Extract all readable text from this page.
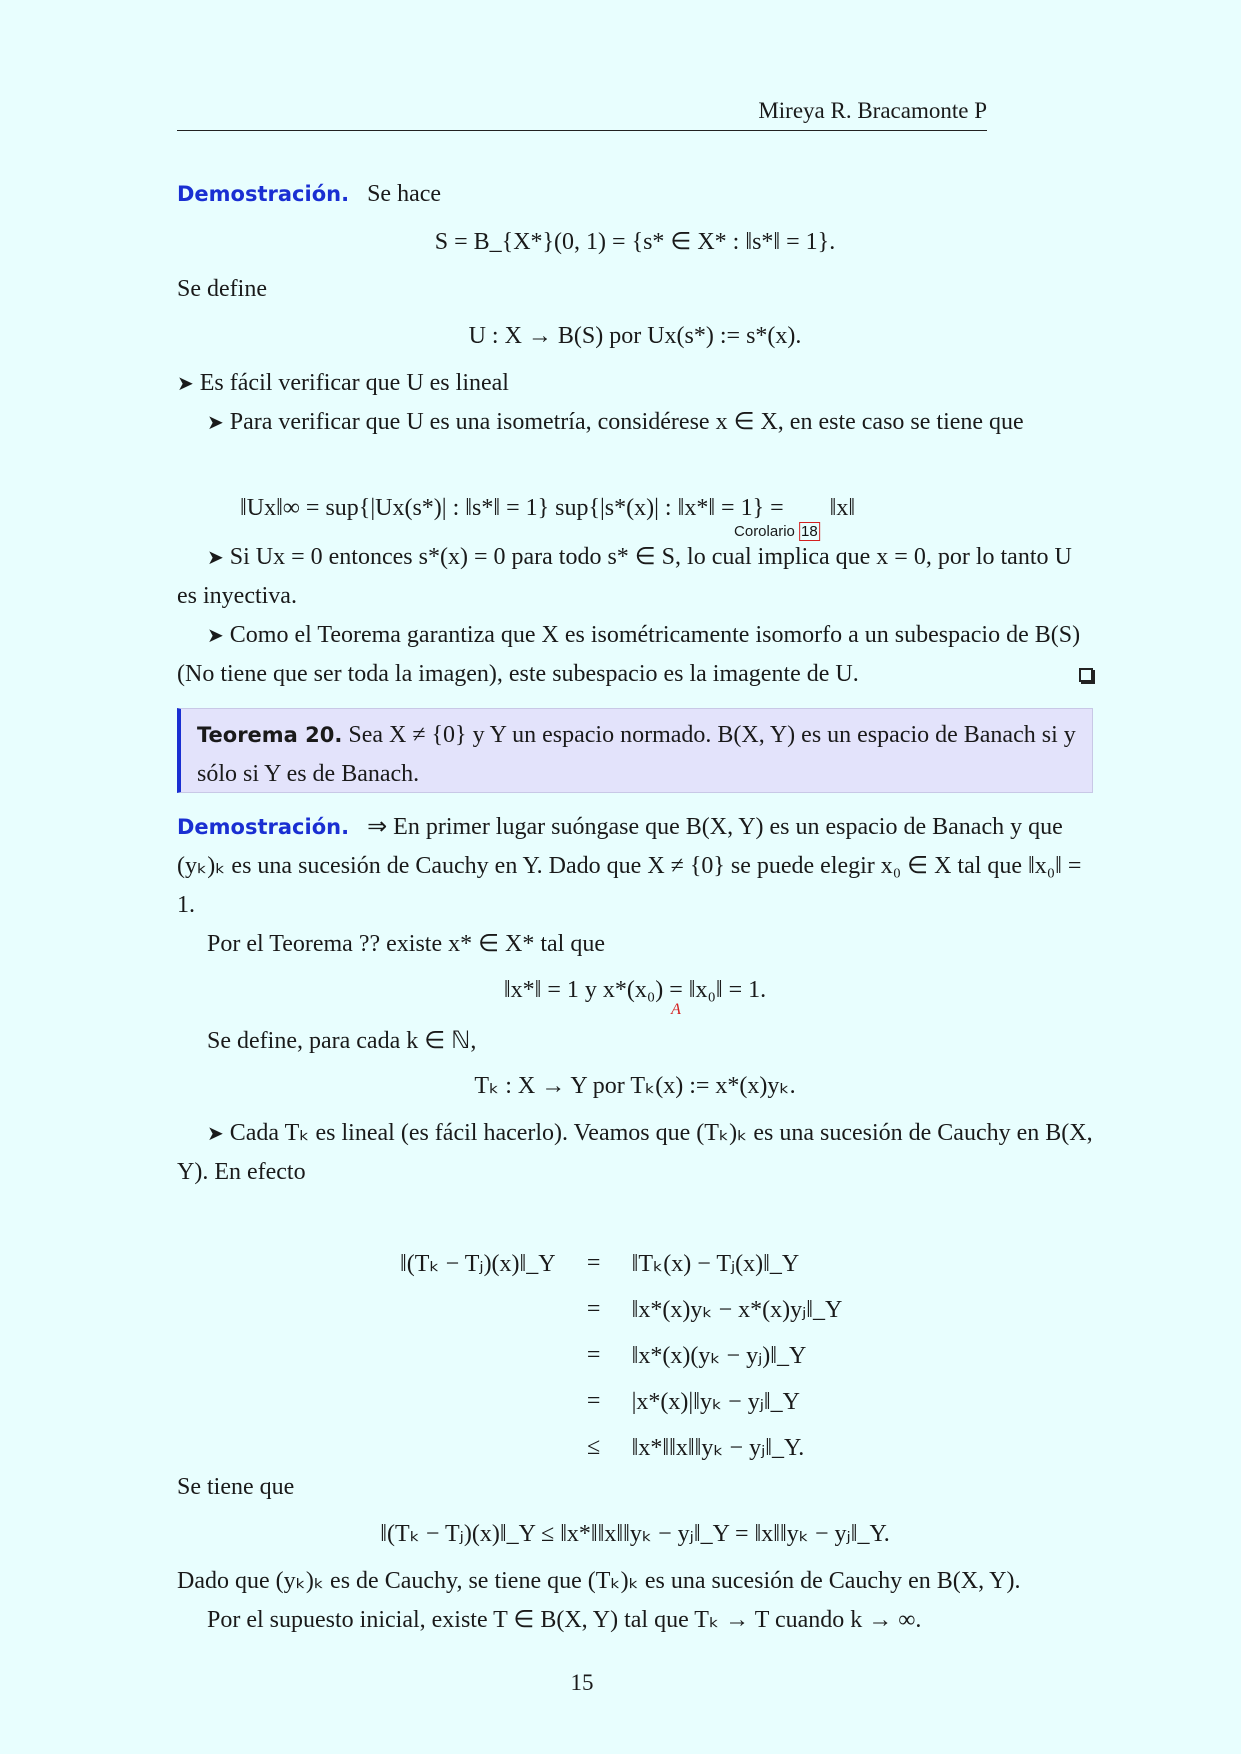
Mireya R. Bracamonte P
Demostración. Se hace
S = B_{X*}(0, 1) = {s* ∈ X* : ‖s*‖ = 1}.
Se define
U : X → B(S) por Ux(s*) := s*(x).
➤ Es fácil verificar que U es lineal
➤ Para verificar que U es una isometría, considérese x ∈ X, en este caso se tiene que
‖Ux‖∞ = sup{|Ux(s*)| : ‖s*‖ = 1} sup{|s*(x)| : ‖x*‖ = 1} =
Corolario 18
‖x‖
➤ Si Ux = 0 entonces s*(x) = 0 para todo s* ∈ S, lo cual implica que x = 0, por lo tanto U es inyectiva.
➤ Como el Teorema garantiza que X es isométricamente isomorfo a un subespacio de B(S) (No tiene que ser toda la imagen), este subespacio es la imagente de U.
Teorema 20. Sea X ≠ {0} y Y un espacio normado. B(X, Y) es un espacio de Banach si y sólo si Y es de Banach.
Demostración. ⇒ En primer lugar suóngase que B(X, Y) es un espacio de Banach y que (yₖ)ₖ es una sucesión de Cauchy en Y. Dado que X ≠ {0} se puede elegir x₀ ∈ X tal que ‖x₀‖ = 1.
Por el Teorema ?? existe x* ∈ X* tal que
‖x*‖ = 1 y x*(x₀) =
A
‖x₀‖ = 1.
Se define, para cada k ∈ ℕ,
Tₖ : X → Y por Tₖ(x) := x*(x)yₖ.
➤ Cada Tₖ es lineal (es fácil hacerlo). Veamos que (Tₖ)ₖ es una sucesión de Cauchy en B(X, Y). En efecto
‖(Tₖ − Tⱼ)(x)‖_Y	=	‖Tₖ(x) − Tⱼ(x)‖_Y
	=	‖x*(x)yₖ − x*(x)yⱼ‖_Y
	=	‖x*(x)(yₖ − yⱼ)‖_Y
	=	|x*(x)|‖yₖ − yⱼ‖_Y
	≤	‖x*‖‖x‖‖yₖ − yⱼ‖_Y.
Se tiene que
‖(Tₖ − Tⱼ)(x)‖_Y ≤ ‖x*‖‖x‖‖yₖ − yⱼ‖_Y = ‖x‖‖yₖ − yⱼ‖_Y.
Dado que (yₖ)ₖ es de Cauchy, se tiene que (Tₖ)ₖ es una sucesión de Cauchy en B(X, Y).
Por el supuesto inicial, existe T ∈ B(X, Y) tal que Tₖ → T cuando k → ∞.
15
